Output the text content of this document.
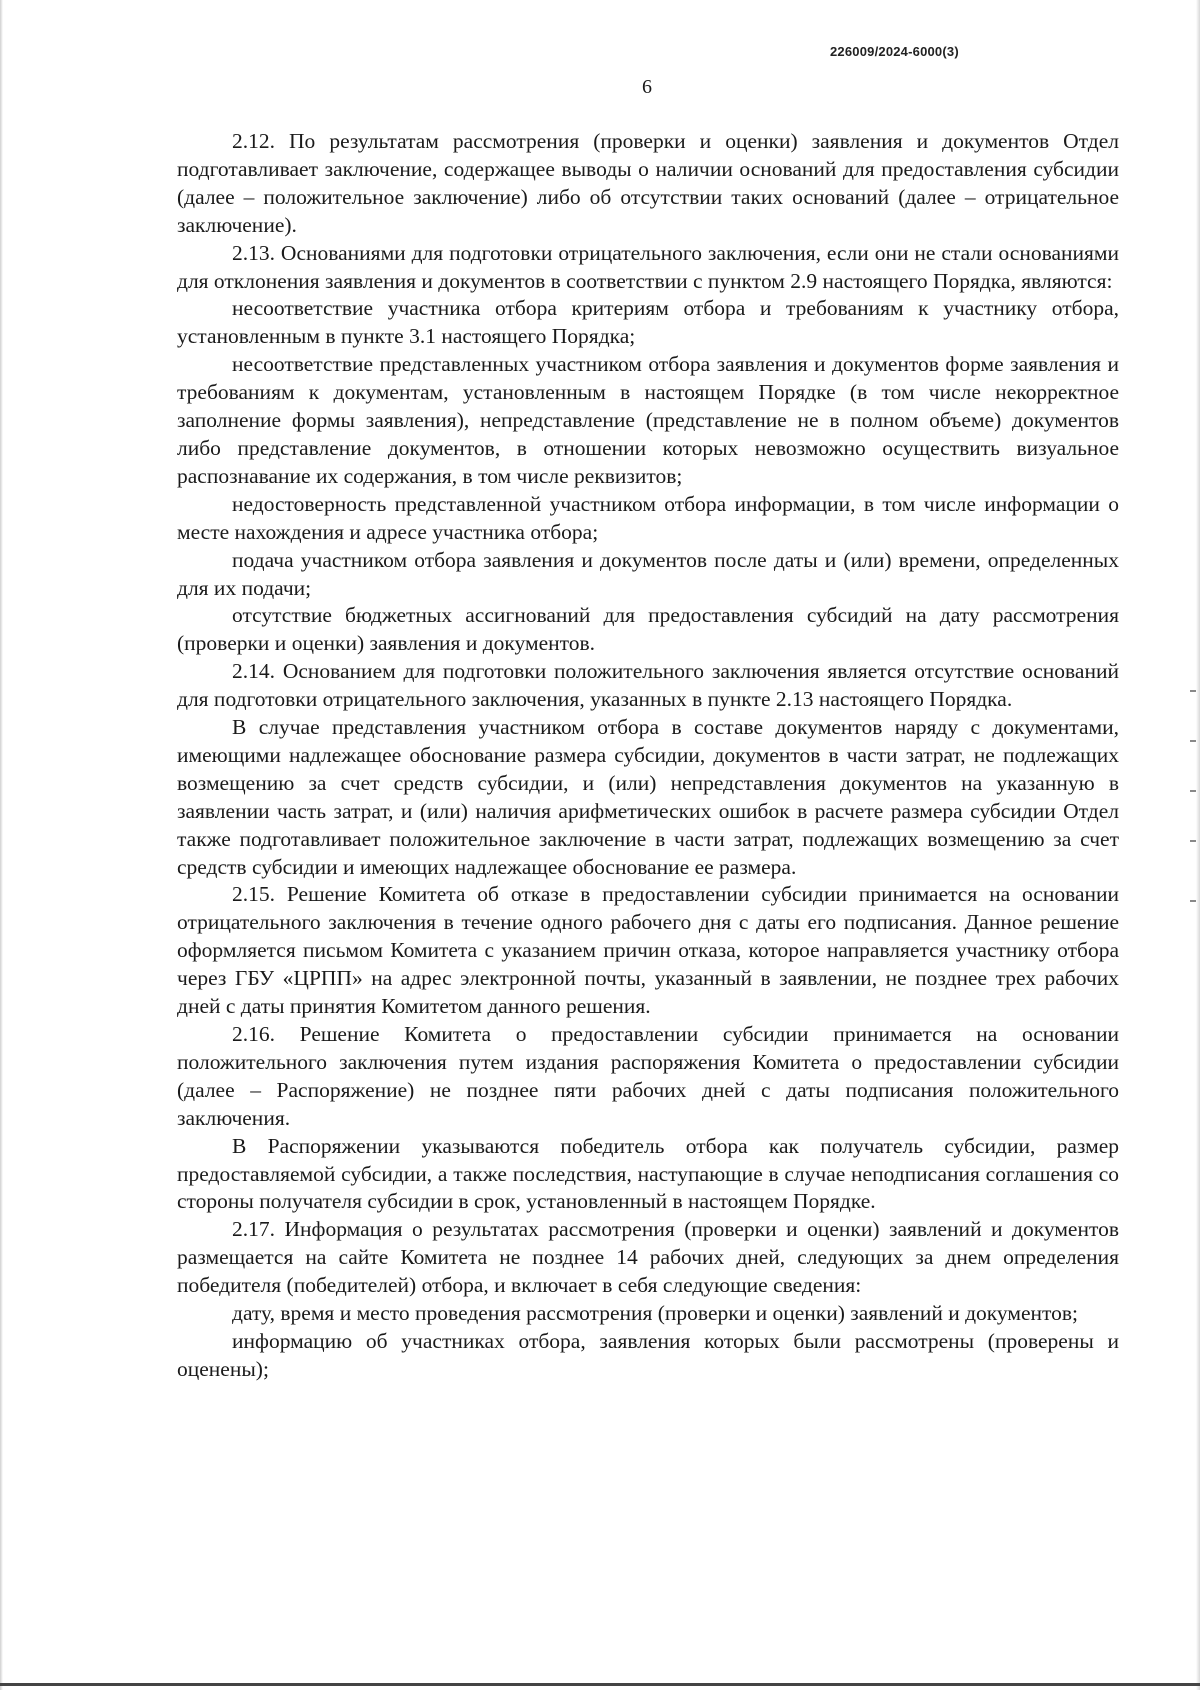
226009/2024-6000(3)
6

2.12. По результатам рассмотрения (проверки и оценки) заявления и документов Отдел подготавливает заключение, содержащее выводы о наличии оснований для предоставления субсидии (далее – положительное заключение) либо об отсутствии таких оснований (далее – отрицательное заключение).

2.13. Основаниями для подготовки отрицательного заключения, если они не стали основаниями для отклонения заявления и документов в соответствии с пунктом 2.9 настоящего Порядка, являются:

несоответствие участника отбора критериям отбора и требованиям к участнику отбора, установленным в пункте 3.1 настоящего Порядка;

несоответствие представленных участником отбора заявления и документов форме заявления и требованиям к документам, установленным в настоящем Порядке (в том числе некорректное заполнение формы заявления), непредставление (представление не в полном объеме) документов либо представление документов, в отношении которых невозможно осуществить визуальное распознавание их содержания, в том числе реквизитов;

недостоверность представленной участником отбора информации, в том числе информации о месте нахождения и адресе участника отбора;

подача участником отбора заявления и документов после даты и (или) времени, определенных для их подачи;

отсутствие бюджетных ассигнований для предоставления субсидий на дату рассмотрения (проверки и оценки) заявления и документов.

2.14. Основанием для подготовки положительного заключения является отсутствие оснований для подготовки отрицательного заключения, указанных в пункте 2.13 настоящего Порядка.

В случае представления участником отбора в составе документов наряду с документами, имеющими надлежащее обоснование размера субсидии, документов в части затрат, не подлежащих возмещению за счет средств субсидии, и (или) непредставления документов на указанную в заявлении часть затрат, и (или) наличия арифметических ошибок в расчете размера субсидии Отдел также подготавливает положительное заключение в части затрат, подлежащих возмещению за счет средств субсидии и имеющих надлежащее обоснование ее размера.

2.15. Решение Комитета об отказе в предоставлении субсидии принимается на основании отрицательного заключения в течение одного рабочего дня с даты его подписания. Данное решение оформляется письмом Комитета с указанием причин отказа, которое направляется участнику отбора через ГБУ «ЦРПП» на адрес электронной почты, указанный в заявлении, не позднее трех рабочих дней с даты принятия Комитетом данного решения.

2.16. Решение Комитета о предоставлении субсидии принимается на основании положительного заключения путем издания распоряжения Комитета о предоставлении субсидии (далее – Распоряжение) не позднее пяти рабочих дней с даты подписания положительного заключения.

В Распоряжении указываются победитель отбора как получатель субсидии, размер предоставляемой субсидии, а также последствия, наступающие в случае неподписания соглашения со стороны получателя субсидии в срок, установленный в настоящем Порядке.

2.17. Информация о результатах рассмотрения (проверки и оценки) заявлений и документов размещается на сайте Комитета не позднее 14 рабочих дней, следующих за днем определения победителя (победителей) отбора, и включает в себя следующие сведения:

дату, время и место проведения рассмотрения (проверки и оценки) заявлений и документов;

информацию об участниках отбора, заявления которых были рассмотрены (проверены и оценены);
